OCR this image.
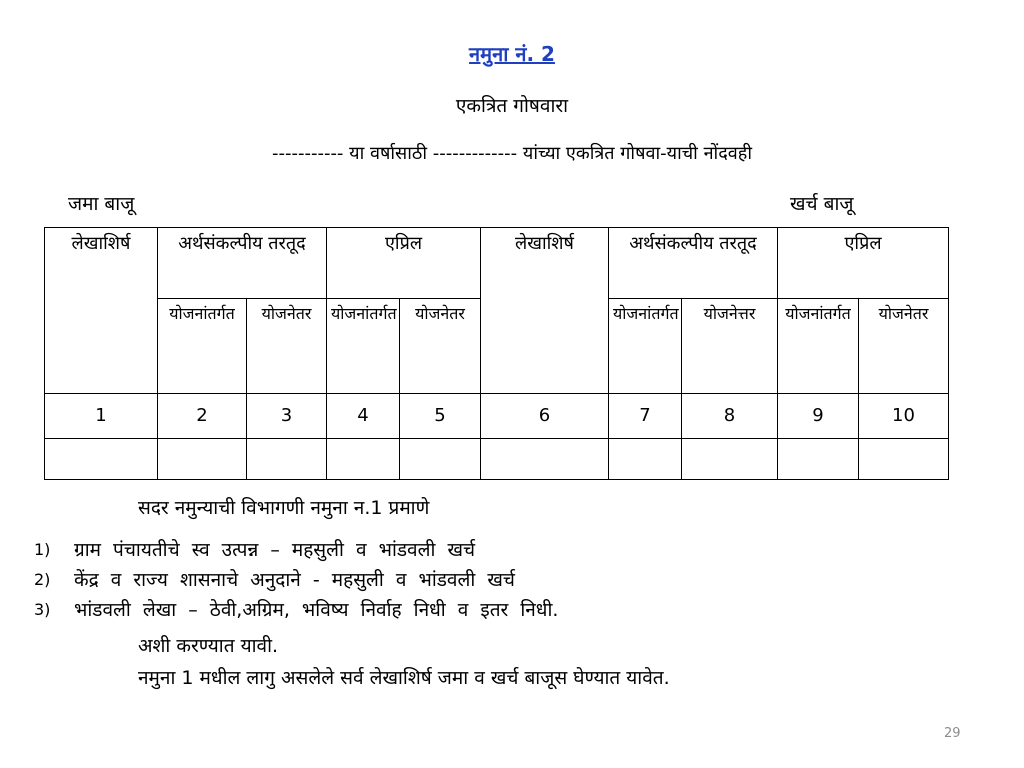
नमुना नं. 2
एकत्रित गोषवारा
----------- या वर्षासाठी ------------- यांच्या एकत्रित गोषवा-याची नोंदवही
जमा बाजू	खर्च बाजू
लेखाशिर्ष	अर्थसंकल्पीय तरतूद		एप्रिल		लेखाशिर्ष	अर्थसंकल्पीय तरतूद		एप्रिल	
	योजनांतर्गत	योजनेतर	योजनांतर्गत	योजनेतर		योजनांतर्गत	योजनेत्तर	योजनांतर्गत	योजनेतर
1	2	3	4	5	6	7	8	9	10

सदर नमुन्याची विभागणी नमुना न.1 प्रमाणे
1)	ग्राम पंचायतीचे स्व उत्पन्न – महसुली व भांडवली खर्च
2)	केंद्र व राज्य शासनाचे अनुदाने - महसुली व भांडवली खर्च
3)	भांडवली लेखा – ठेवी,अग्रिम, भविष्य निर्वाह निधी व इतर निधी.
अशी करण्यात यावी.
नमुना 1 मधील लागु असलेले सर्व लेखाशिर्ष जमा व खर्च बाजूस घेण्यात यावेत.
29
